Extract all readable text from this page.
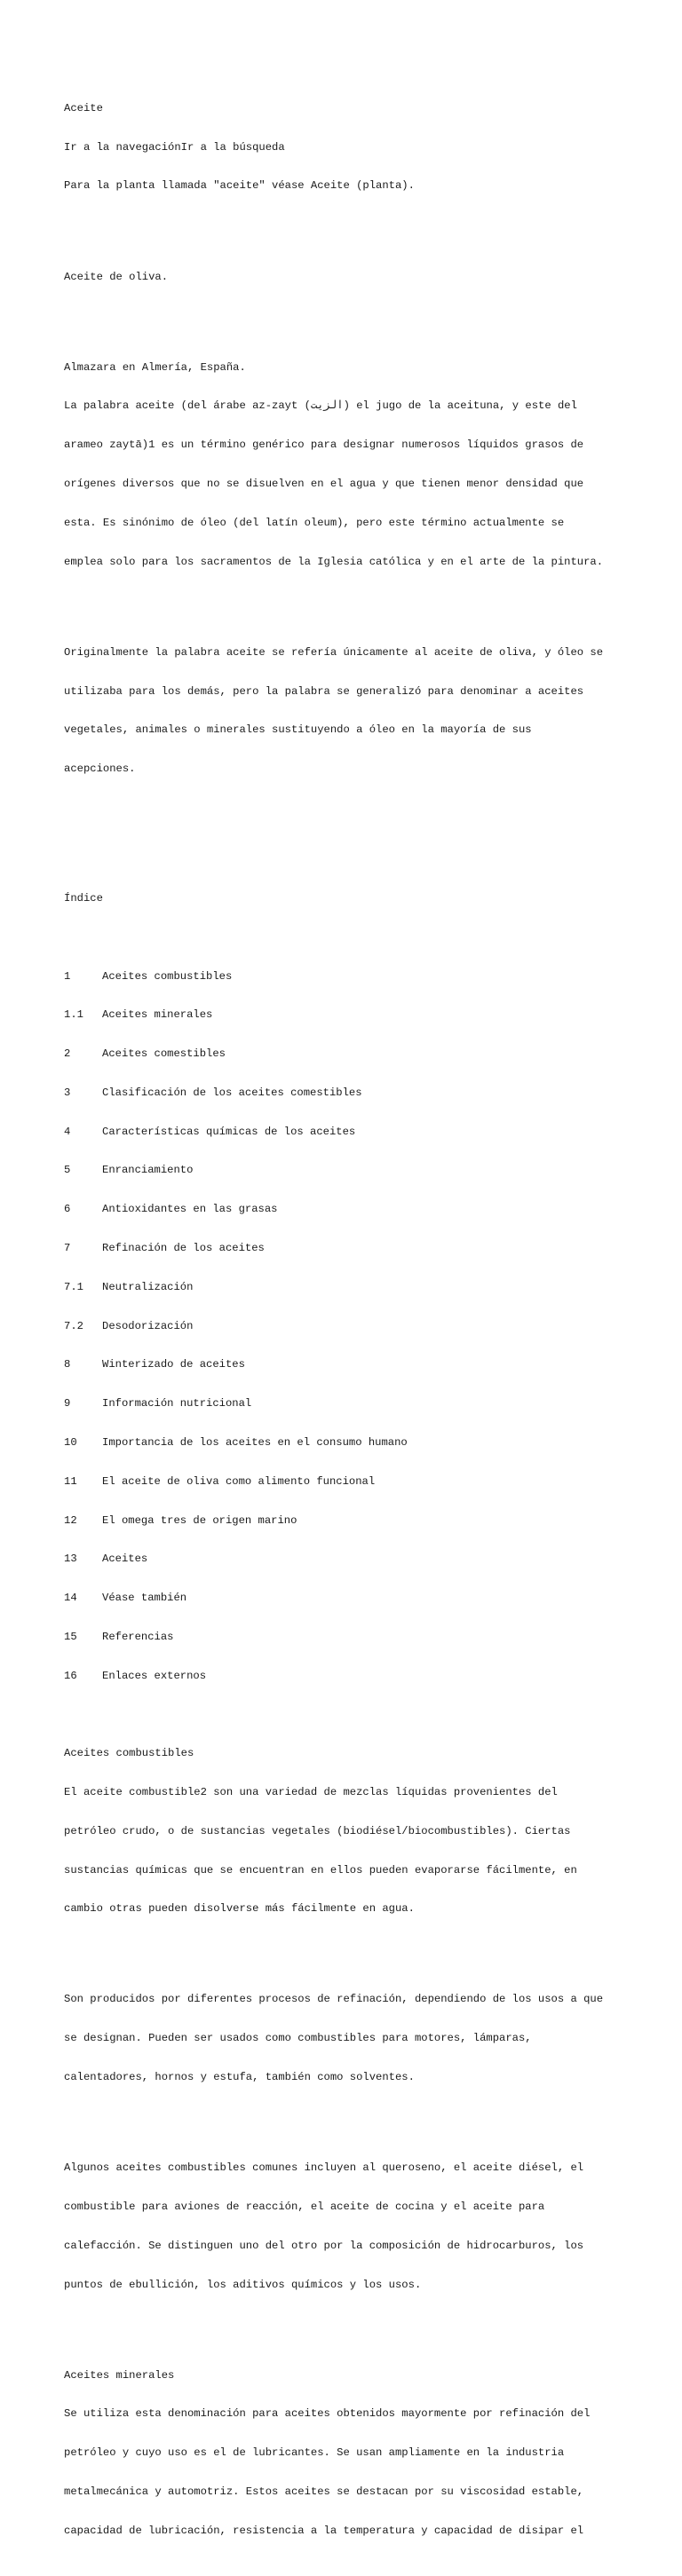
Aceite

Ir a la navegaciónIr a la búsqueda

Para la planta llamada "aceite" véase Aceite (planta).

Aceite de oliva.

Almazara en Almería, España.

La palabra aceite (del árabe az-zayt (الزيت) el jugo de la aceituna, y este del

arameo zaytā)1 es un término genérico para designar numerosos líquidos grasos de

orígenes diversos que no se disuelven en el agua y que tienen menor densidad que

esta. Es sinónimo de óleo (del latín oleum), pero este término actualmente se

emplea solo para los sacramentos de la Iglesia católica y en el arte de la pintura.

Originalmente la palabra aceite se refería únicamente al aceite de oliva, y óleo se

utilizaba para los demás, pero la palabra se generalizó para denominar a aceites

vegetales, animales o minerales sustituyendo a óleo en la mayoría de sus

acepciones.

Índice

1	Aceites combustibles

1.1 Aceites minerales

2	Aceites comestibles

3	Clasificación de los aceites comestibles

4	Características químicas de los aceites

5	Enranciamiento

6	Antioxidantes en las grasas

7	Refinación de los aceites

7.1 Neutralización

7.2 Desodorización

8	Winterizado de aceites

9	Información nutricional

10 Importancia de los aceites en el consumo humano

11 El aceite de oliva como alimento funcional

12 El omega tres de origen marino

13 Aceites

14 Véase también

15 Referencias

16 Enlaces externos

Aceites combustibles

El aceite combustible2 son una variedad de mezclas líquidas provenientes del

petróleo crudo, o de sustancias vegetales (biodiésel/biocombustibles). Ciertas

sustancias químicas que se encuentran en ellos pueden evaporarse fácilmente, en

cambio otras pueden disolverse más fácilmente en agua.

Son producidos por diferentes procesos de refinación, dependiendo de los usos a que

se designan. Pueden ser usados como combustibles para motores, lámparas,

calentadores, hornos y estufa, también como solventes.

Algunos aceites combustibles comunes incluyen al queroseno, el aceite diésel, el

combustible para aviones de reacción, el aceite de cocina y el aceite para

calefacción. Se distinguen uno del otro por la composición de hidrocarburos, los

puntos de ebullición, los aditivos químicos y los usos.

Aceites minerales

Se utiliza esta denominación para aceites obtenidos mayormente por refinación del

petróleo y cuyo uso es el de lubricantes. Se usan ampliamente en la industria

metalmecánica y automotriz. Estos aceites se destacan por su viscosidad estable,

capacidad de lubricación, resistencia a la temperatura y capacidad de disipar el
